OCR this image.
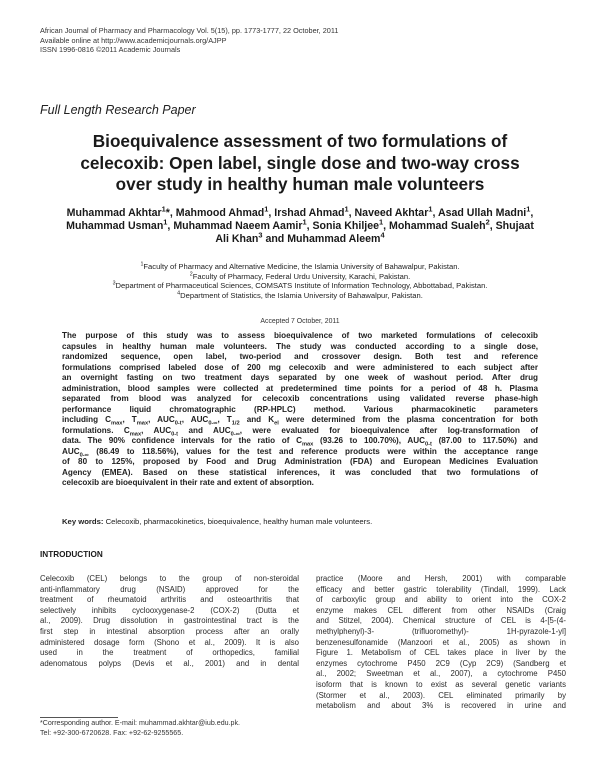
African Journal of Pharmacy and Pharmacology Vol. 5(15), pp. 1773-1777, 22 October, 2011
Available online at http://www.academicjournals.org/AJPP
ISSN 1996-0816 ©2011 Academic Journals
Full Length Research Paper
Bioequivalence assessment of two formulations of
celecoxib: Open label, single dose and two-way cross
over study in healthy human male volunteers
Muhammad Akhtar$^1$*, Mahmood Ahmad$^1$, Irshad Ahmad$^1$, Naveed Akhtar$^1$, Asad Ullah Madni$^1$,
Muhammad Usman$^1$, Muhammad Naeem Aamir$^1$, Sonia Khiljee$^1$, Mohammad Sualeh$^2$, Shujaat
Ali Khan$^3$ and Muhammad Aleem$^4$
$^1$Faculty of Pharmacy and Alternative Medicine, the Islamia University of Bahawalpur, Pakistan.
$^2$Faculty of Pharmacy, Federal Urdu University, Karachi, Pakistan.
$^3$Department of Pharmaceutical Sciences, COMSATS Institute of Information Technology, Abbottabad, Pakistan.
$^4$Department of Statistics, the Islamia University of Bahawalpur, Pakistan.
Accepted 7 October, 2011
The purpose of this study was to assess bioequivalence of two marketed formulations of celecoxib
capsules in healthy human male volunteers. The study was conducted according to a single dose,
randomized sequence, open label, two-period and crossover design. Both test and reference
formulations comprised labeled dose of 200 mg celecoxib and were administered to each subject after
an overnight fasting on two treatment days separated by one week of washout period. After drug
administration, blood samples were collected at predetermined time points for a period of 48 h. Plasma
separated from blood was analyzed for celecoxib concentrations using validated reverse phase-high
performance liquid chromatographic (RP-HPLC) method. Various pharmacokinetic parameters
including $C_{max}$, $T_{max}$, $AUC_{0-t}$, $AUC_{0-\infty}$, $T_{1/2}$ and $K_{el}$ were determined from the plasma concentration for both
formulations. $C_{max}$, $AUC_{0-t}$ and $AUC_{0-\infty}$, were evaluated for bioequivalence after log-transformation of
data. The 90% confidence intervals for the ratio of $C_{max}$ (93.26 to 100.70%), $AUC_{0-t}$ (87.00 to 117.50%) and
$AUC_{0-\infty}$ (86.49 to 118.56%), values for the test and reference products were within the acceptance range
of 80 to 125%, proposed by Food and Drug Administration (FDA) and European Medicines Evaluation
Agency (EMEA). Based on these statistical inferences, it was concluded that two formulations of
celecoxib are bioequivalent in their rate and extent of absorption.
Key words: Celecoxib, pharmacokinetics, bioequivalence, healthy human male volunteers.
INTRODUCTION
Celecoxib (CEL) belongs to the group of non-steroidal
anti-inflammatory drug (NSAID) approved for the
treatment of rheumatoid arthritis and osteoarthritis that
selectively inhibits cyclooxygenase-2 (COX-2) (Dutta et
al., 2009). Drug dissolution in gastrointestinal tract is the
first step in intestinal absorption process after an orally
administered dosage form (Shono et al., 2009). It is also
used in the treatment of orthopedics, familial
adenomatous polyps (Devis et al., 2001) and in dental
practice (Moore and Hersh, 2001) with comparable
efficacy and better gastric tolerability (Tindall, 1999). Lack
of carboxylic group and ability to orient into the COX-2
enzyme makes CEL different from other NSAIDs (Craig
and Stitzel, 2004). Chemical structure of CEL is 4-[5-(4-
methylphenyl)-3- (trifluoromethyl)- 1H-pyrazole-1-yl]
benzenesulfonamide (Manzoori et al., 2005) as shown in
Figure 1. Metabolism of CEL takes place in liver by the
enzymes cytochrome P450 2C9 (Cyp 2C9) (Sandberg et
al., 2002; Sweetman et al., 2007), a cytochrome P450
isoform that is known to exist as several genetic variants
(Stormer et al., 2003). CEL eliminated primarily by
metabolism and about 3% is recovered in urine and
*Corresponding author. E-mail: muhammad.akhtar@iub.edu.pk.
Tel: +92-300-6720628. Fax: +92-62-9255565.
